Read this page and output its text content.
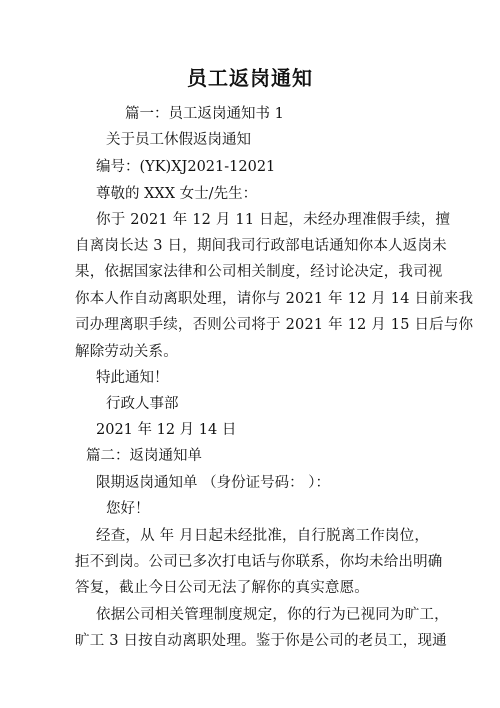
员工返岗通知
篇一：员工返岗通知书 1
关于员工休假返岗通知
编号：(YK)XJ2021-12021
尊敬的 XXX 女士/先生：
你于 2021 年 12 月 11 日起，未经办理准假手续，擅
自离岗长达 3 日，期间我司行政部电话通知你本人返岗未
果，依据国家法律和公司相关制度，经讨论决定，我司视
你本人作自动离职处理，请你与 2021 年 12 月 14 日前来我
司办理离职手续，否则公司将于 2021 年 12 月 15 日后与你
解除劳动关系。
特此通知！
行政人事部
2021 年 12 月 14 日
篇二：返岗通知单
限期返岗通知单 （身份证号码： ）：
您好！
经查，从 年 月日起未经批准，自行脱离工作岗位，
拒不到岗。公司已多次打电话与你联系，你均未给出明确
答复，截止今日公司无法了解你的真实意愿。
依据公司相关管理制度规定，你的行为已视同为旷工，
旷工 3 日按自动离职处理。鉴于你是公司的老员工，现通
